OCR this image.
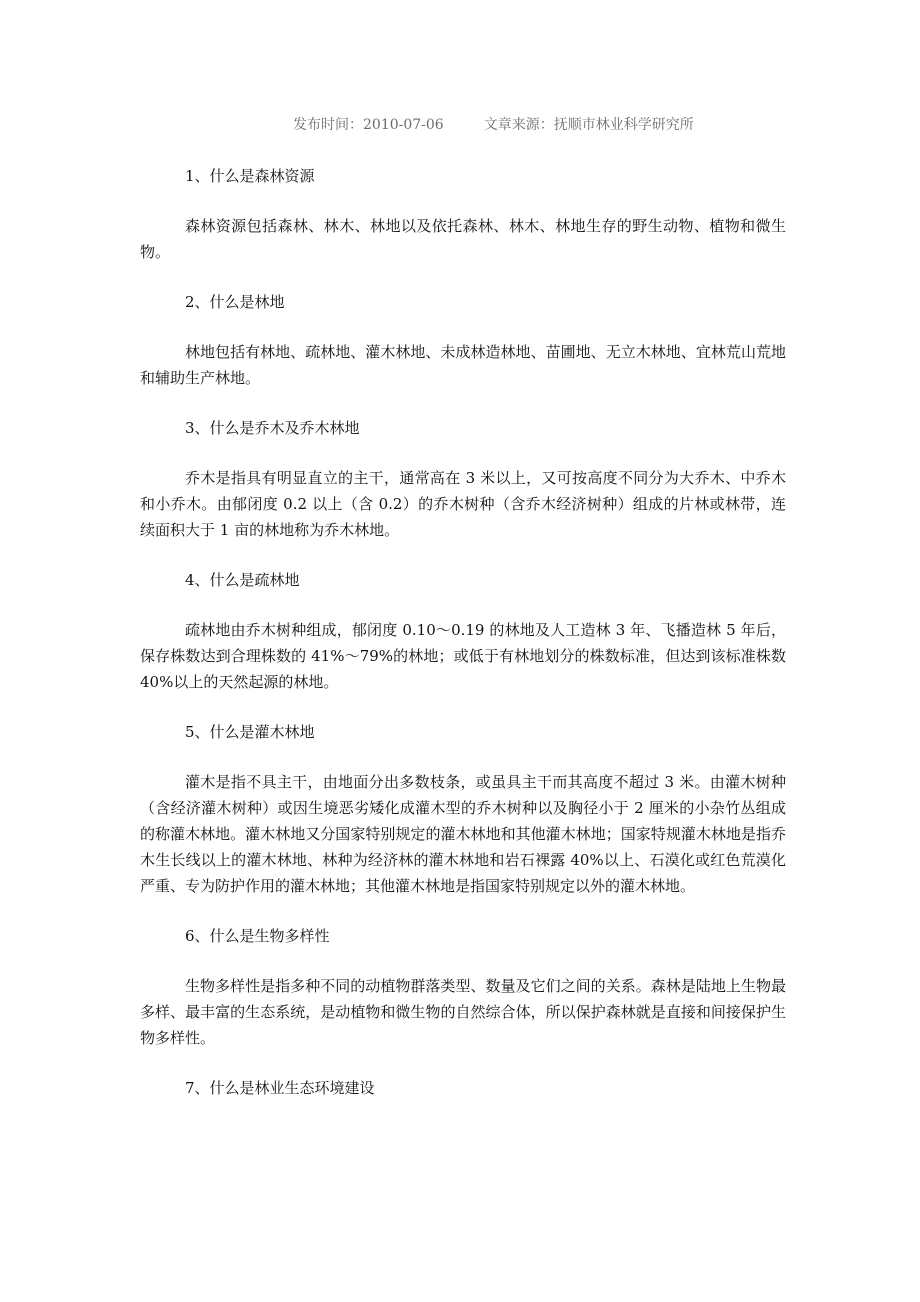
发布时间：2010-07-06	文章来源：抚顺市林业科学研究所

1、什么是森林资源

森林资源包括森林、林木、林地以及依托森林、林木、林地生存的野生动物、植物和微生物。

2、什么是林地

林地包括有林地、疏林地、灌木林地、未成林造林地、苗圃地、无立木林地、宜林荒山荒地和辅助生产林地。

3、什么是乔木及乔木林地

乔木是指具有明显直立的主干，通常高在 3 米以上，又可按高度不同分为大乔木、中乔木和小乔木。由郁闭度 0.2 以上（含 0.2）的乔木树种（含乔木经济树种）组成的片林或林带，连续面积大于 1 亩的林地称为乔木林地。

4、什么是疏林地

疏林地由乔木树种组成，郁闭度 0.10～0.19 的林地及人工造林 3 年、飞播造林 5 年后，保存株数达到合理株数的 41%～79%的林地；或低于有林地划分的株数标准，但达到该标准株数 40%以上的天然起源的林地。

5、什么是灌木林地

灌木是指不具主干，由地面分出多数枝条，或虽具主干而其高度不超过 3 米。由灌木树种（含经济灌木树种）或因生境恶劣矮化成灌木型的乔木树种以及胸径小于 2 厘米的小杂竹丛组成的称灌木林地。灌木林地又分国家特别规定的灌木林地和其他灌木林地；国家特规灌木林地是指乔木生长线以上的灌木林地、林种为经济林的灌木林地和岩石裸露 40%以上、石漠化或红色荒漠化严重、专为防护作用的灌木林地；其他灌木林地是指国家特别规定以外的灌木林地。

6、什么是生物多样性

生物多样性是指多种不同的动植物群落类型、数量及它们之间的关系。森林是陆地上生物最多样、最丰富的生态系统，是动植物和微生物的自然综合体，所以保护森林就是直接和间接保护生物多样性。

7、什么是林业生态环境建设
